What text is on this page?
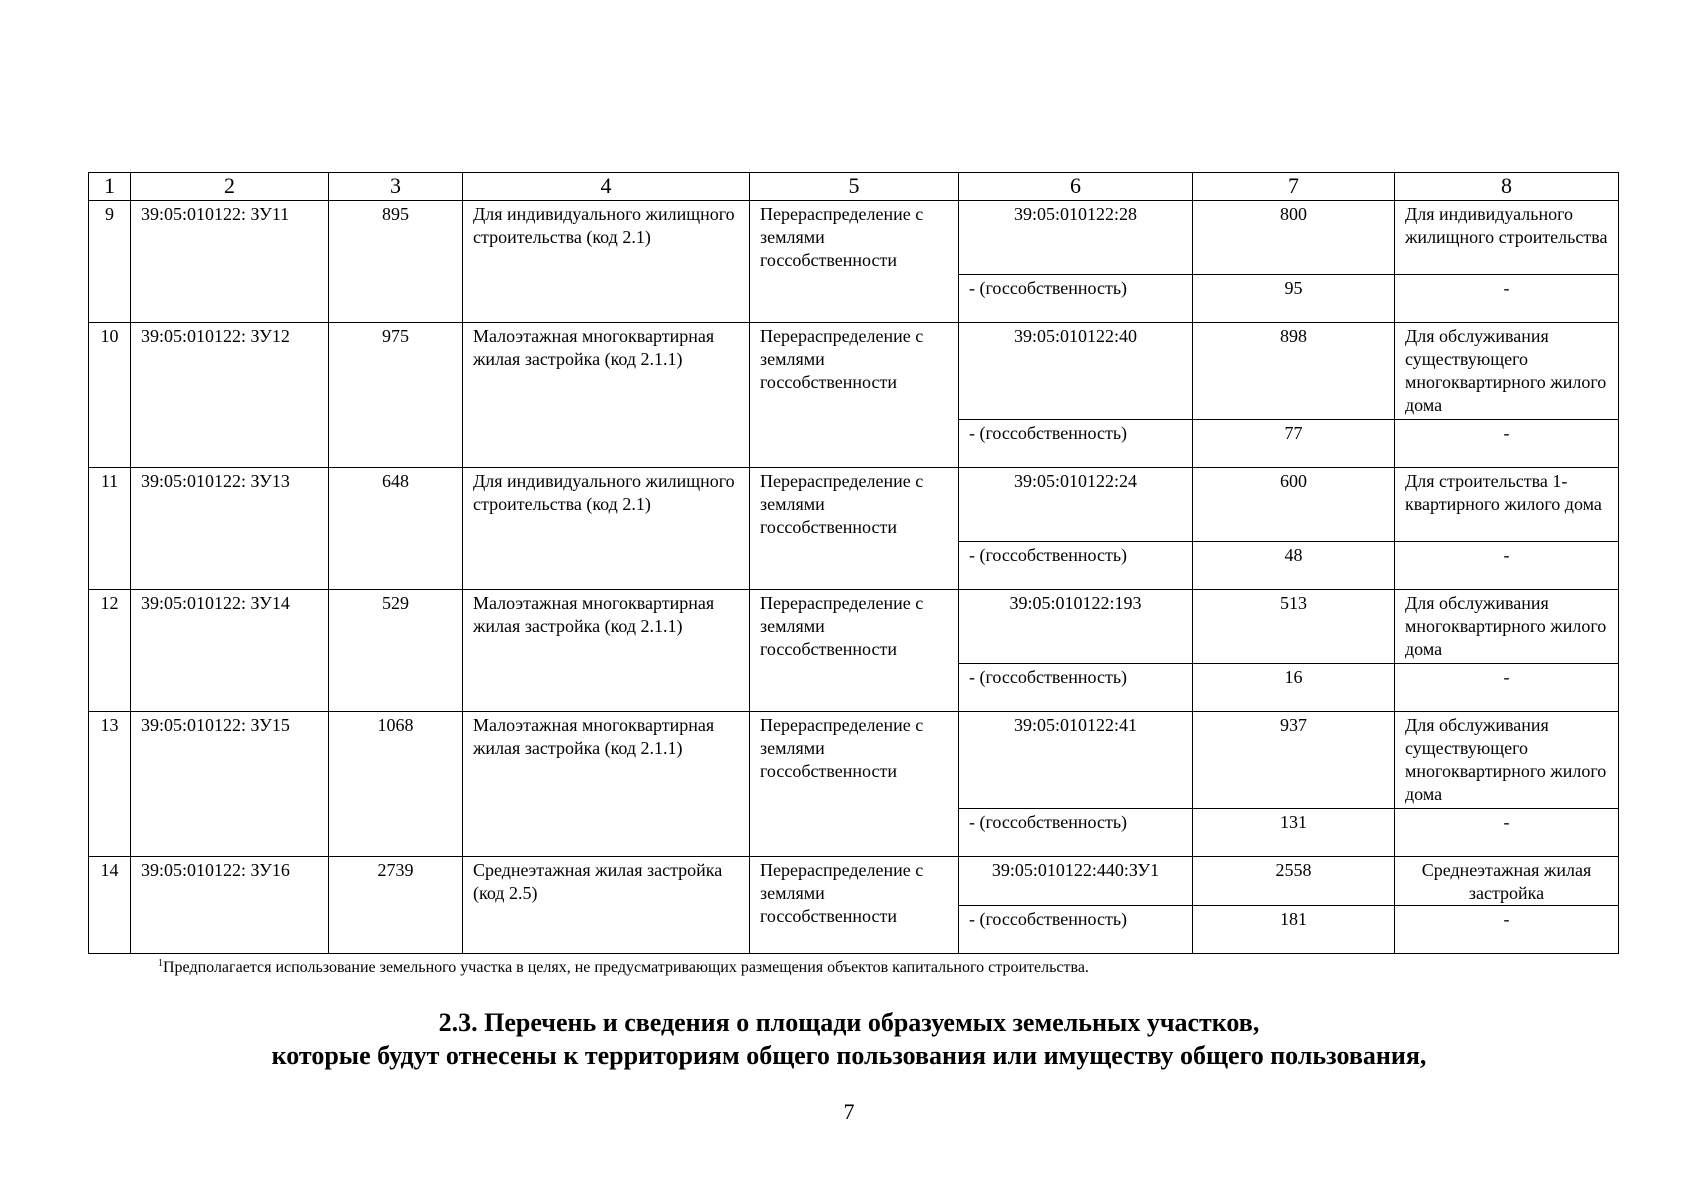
1	2	3	4	5	6	7	8
9	39:05:010122: ЗУ11	895	Для индивидуального жилищного строительства (код 2.1)	Перераспределение с землями госсобственности	39:05:010122:28	800	Для индивидуального жилищного строительства
					- (госсобственность)	95	-
10	39:05:010122: ЗУ12	975	Малоэтажная многоквартирная жилая застройка (код 2.1.1)	Перераспределение с землями госсобственности	39:05:010122:40	898	Для обслуживания существующего многоквартирного жилого дома
					- (госсобственность)	77	-
11	39:05:010122: ЗУ13	648	Для индивидуального жилищного строительства (код 2.1)	Перераспределение с землями госсобственности	39:05:010122:24	600	Для строительства 1-квартирного жилого дома
					- (госсобственность)	48	-
12	39:05:010122: ЗУ14	529	Малоэтажная многоквартирная жилая застройка (код 2.1.1)	Перераспределение с землями госсобственности	39:05:010122:193	513	Для обслуживания многоквартирного жилого дома
					- (госсобственность)	16	-
13	39:05:010122: ЗУ15	1068	Малоэтажная многоквартирная жилая застройка (код 2.1.1)	Перераспределение с землями госсобственности	39:05:010122:41	937	Для обслуживания существующего многоквартирного жилого дома
					- (госсобственность)	131	-
14	39:05:010122: ЗУ16	2739	Среднеэтажная жилая застройка (код 2.5)	Перераспределение с землями госсобственности	39:05:010122:440:ЗУ1	2558	Среднеэтажная жилая застройка
					- (госсобственность)	181	-
$^1$Предполагается использование земельного участка в целях, не предусматривающих размещения объектов капитального строительства.
2.3. Перечень и сведения о площади образуемых земельных участков,
которые будут отнесены к территориям общего пользования или имуществу общего пользования,
7
